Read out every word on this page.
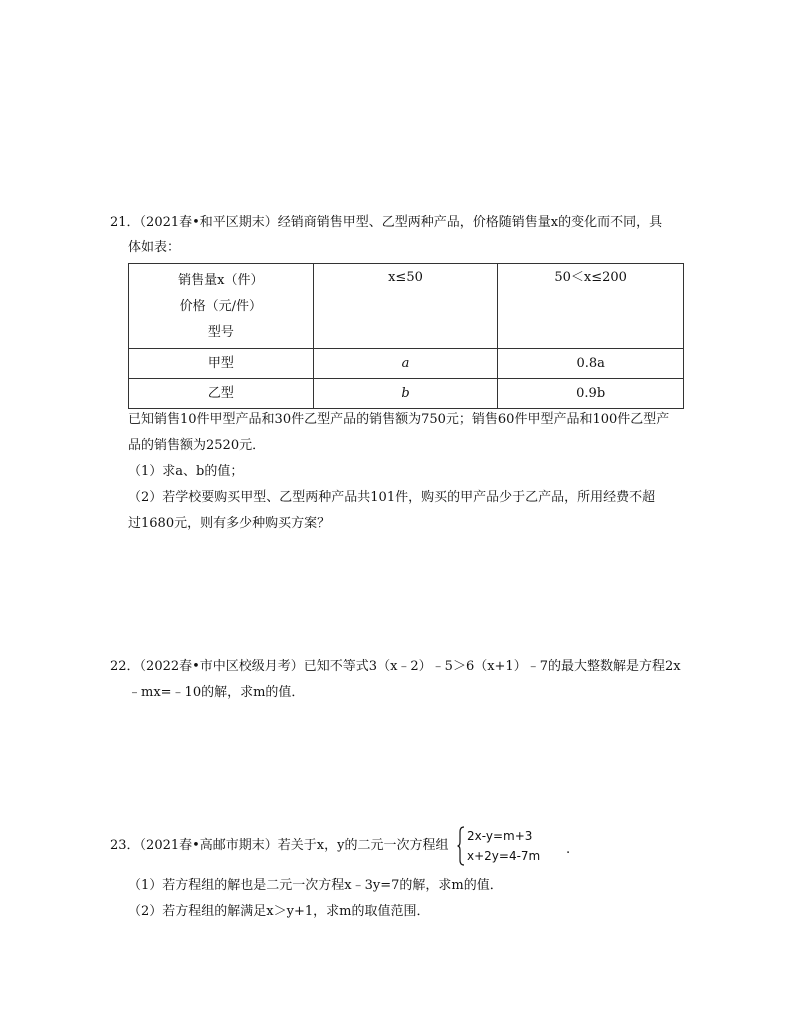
21．（2021春•和平区期末）经销商销售甲型、乙型两种产品，价格随销售量x的变化而不同，具
体如表：
销售量x（件）
价格（元/件）
型号	x≤50	50＜x≤200
甲型	a	0.8a
乙型	b	0.9b
已知销售10件甲型产品和30件乙型产品的销售额为750元；销售60件甲型产品和100件乙型产
品的销售额为2520元．
（1）求a、b的值；
（2）若学校要购买甲型、乙型两种产品共101件，购买的甲产品少于乙产品，所用经费不超
过1680元，则有多少种购买方案？
22．（2022春•市中区校级月考）已知不等式3（x﹣2）﹣5＞6（x+1）﹣7的最大整数解是方程2x
﹣mx=﹣10的解，求m的值．
23．（2021春•高邮市期末）若关于x，y的二元一次方程组
2x-y=m+3
x+2y=4-7m .
（1）若方程组的解也是二元一次方程x﹣3y=7的解，求m的值．
（2）若方程组的解满足x＞y+1，求m的取值范围．
